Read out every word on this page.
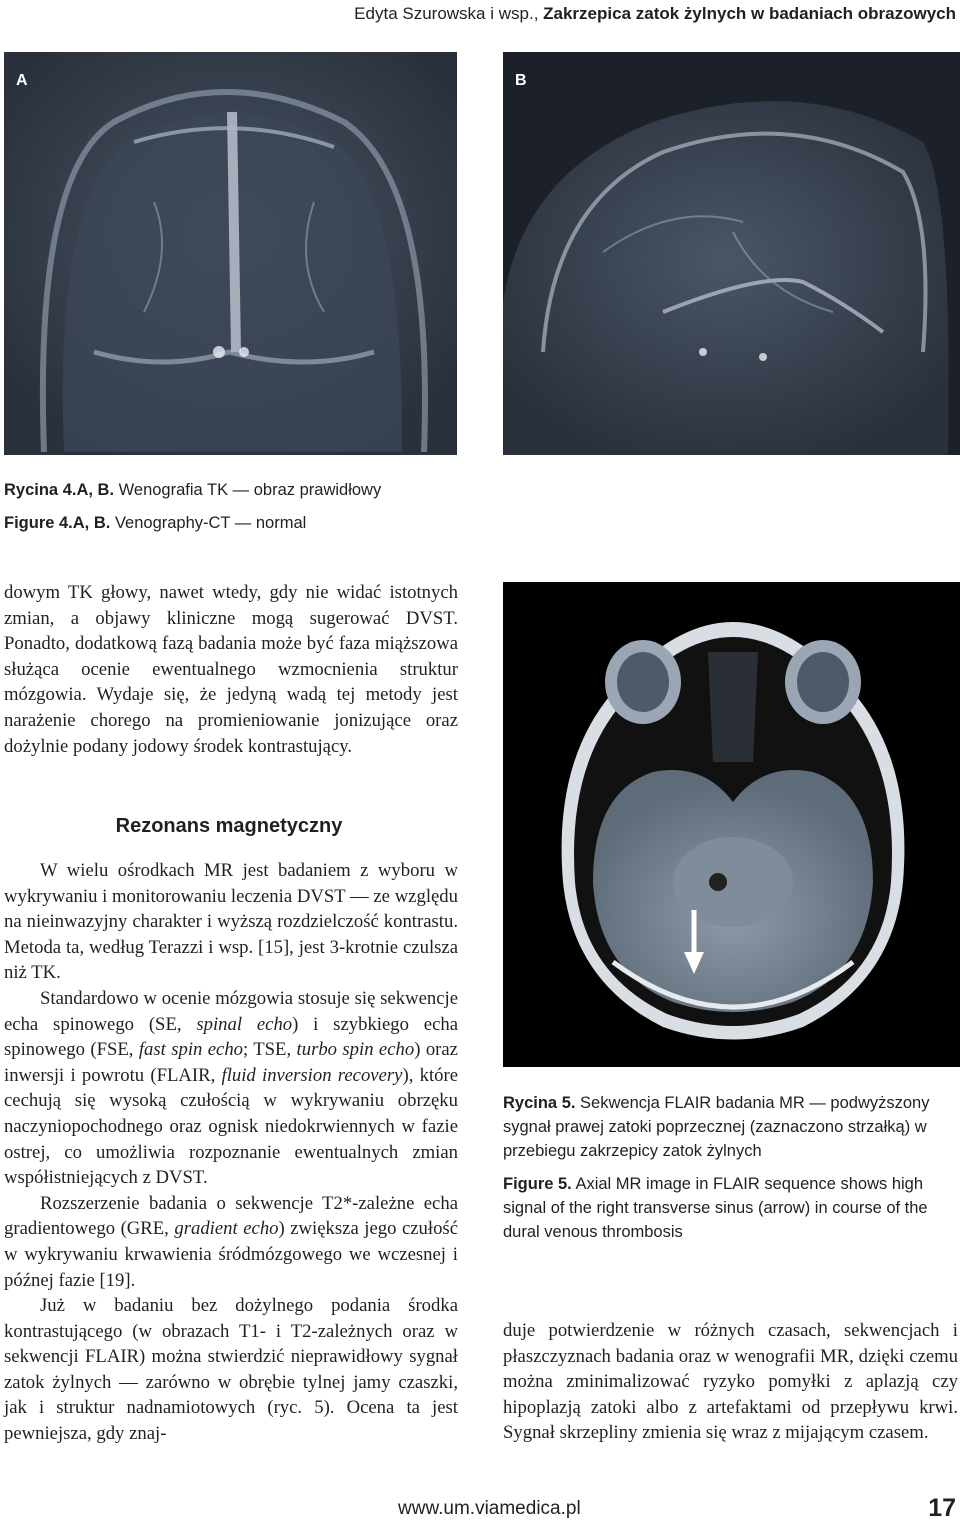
Edyta Szurowska i wsp., Zakrzepica zatok żylnych w badaniach obrazowych
A	B
Rycina 4.A, B. Wenografia TK — obraz prawidłowy
Figure 4.A, B. Venography-CT — normal

dowym TK głowy, nawet wtedy, gdy nie widać istotnych zmian, a objawy kliniczne mogą sugerować DVST. Ponadto, dodatkową fazą badania może być faza miąższowa służąca ocenie ewentualnego wzmocnienia struktur mózgowia. Wydaje się, że jedyną wadą tej metody jest narażenie chorego na promieniowanie jonizujące oraz dożylnie podany jodowy środek kontrastujący.

Rezonans magnetyczny

W wielu ośrodkach MR jest badaniem z wyboru w wykrywaniu i monitorowaniu leczenia DVST — ze względu na nieinwazyjny charakter i wyższą rozdzielczość kontrastu. Metoda ta, według Terazzi i wsp. [15], jest 3-krotnie czulsza niż TK.

Standardowo w ocenie mózgowia stosuje się sekwencje echa spinowego (SE, spinal echo) i szybkiego echa spinowego (FSE, fast spin echo; TSE, turbo spin echo) oraz inwersji i powrotu (FLAIR, fluid inversion recovery), które cechują się wysoką czułością w wykrywaniu obrzęku naczyniopochodnego oraz ognisk niedokrwiennych w fazie ostrej, co umożliwia rozpoznanie ewentualnych zmian współistniejących z DVST.

Rozszerzenie badania o sekwencje T2*-zależne echa gradientowego (GRE, gradient echo) zwiększa jego czułość w wykrywaniu krwawienia śródmózgowego we wczesnej i późnej fazie [19].

Już w badaniu bez dożylnego podania środka kontrastującego (w obrazach T1- i T2-zależnych oraz w sekwencji FLAIR) można stwierdzić nieprawidłowy sygnał zatok żylnych — zarówno w obrębie tylnej jamy czaszki, jak i struktur nadnamiotowych (ryc. 5). Ocena ta jest pewniejsza, gdy znaj-

Rycina 5. Sekwencja FLAIR badania MR — podwyższony sygnał prawej zatoki poprzecznej (zaznaczono strzałką) w przebiegu zakrzepicy zatok żylnych
Figure 5. Axial MR image in FLAIR sequence shows high signal of the right transverse sinus (arrow) in course of the dural venous thrombosis

duje potwierdzenie w różnych czasach, sekwencjach i płaszczyznach badania oraz w wenografii MR, dzięki czemu można zminimalizować ryzyko pomyłki z aplazją czy hipoplazją zatoki albo z artefaktami od przepływu krwi. Sygnał skrzepliny zmienia się wraz z mijającym czasem.

www.um.viamedica.pl	17
